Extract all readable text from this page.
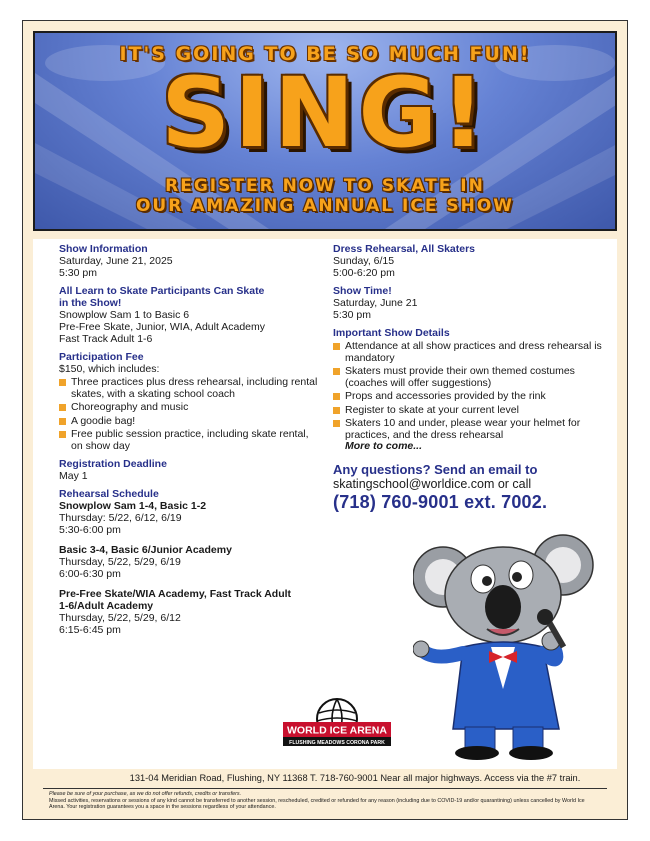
IT'S GOING TO BE SO MUCH FUN!
SING!
REGISTER NOW TO SKATE IN
OUR AMAZING ANNUAL ICE SHOW
Show Information
Saturday, June 21, 2025
5:30 pm
All Learn to Skate Participants Can Skate
in the Show!
Snowplow Sam 1 to Basic 6
Pre-Free Skate, Junior, WIA, Adult Academy
Fast Track Adult 1-6
Participation Fee
$150, which includes:
Three practices plus dress rehearsal, including rental skates, with a skating school coach
Choreography and music
A goodie bag!
Free public session practice, including skate rental, on show day
Registration Deadline
May 1
Rehearsal Schedule
Snowplow Sam 1-4, Basic 1-2
Thursday: 5/22, 6/12, 6/19
5:30-6:00 pm
Basic 3-4, Basic 6/Junior Academy
Thursday, 5/22, 5/29, 6/19
6:00-6:30 pm
Pre-Free Skate/WIA Academy, Fast Track Adult
1-6/Adult Academy
Thursday, 5/22, 5/29, 6/12
6:15-6:45 pm
Dress Rehearsal, All Skaters
Sunday, 6/15
5:00-6:20 pm
Show Time!
Saturday, June 21
5:30 pm
Important Show Details
Attendance at all show practices and dress rehearsal is mandatory
Skaters must provide their own themed costumes (coaches will offer suggestions)
Props and accessories provided by the rink
Register to skate at your current level
Skaters 10 and under, please wear your helmet for practices, and the dress rehearsal
More to come...
Any questions? Send an email to
skatingschool@worldice.com or call
(718) 760-9001 ext. 7002.
WORLD ICE ARENA
FLUSHING MEADOWS CORONA PARK
131-04 Meridian Road, Flushing, NY 11368 T. 718-760-9001 Near all major highways. Access via the #7 train.
Please be sure of your purchase, as we do not offer refunds, credits or transfers.
Missed activities, reservations or sessions of any kind cannot be transferred to another session, rescheduled, credited or refunded for any reason (including due to COVID-19 and/or quarantining) unless cancelled by World Ice Arena. Your registration guarantees you a space in the sessions regardless of your attendance.
